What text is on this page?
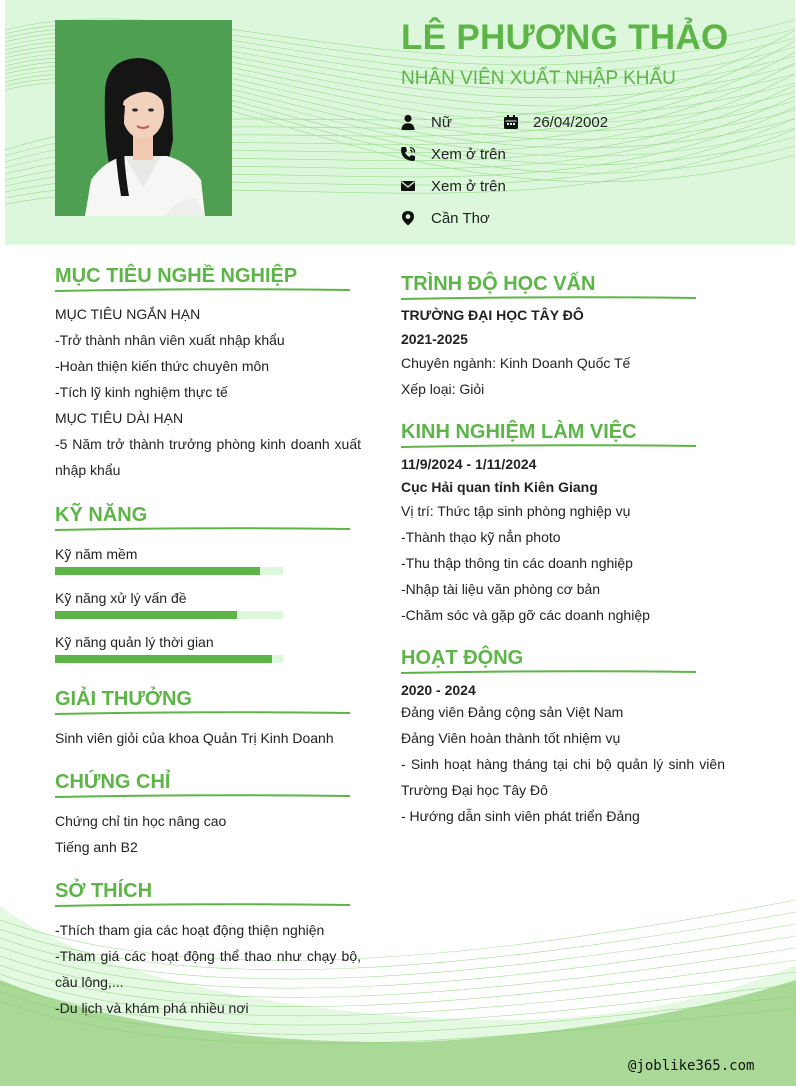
LÊ PHƯƠNG THẢO
NHÂN VIÊN XUẤT NHẬP KHẨU
Nữ	26/04/2002
Xem ở trên
Xem ở trên
Cần Thơ
MỤC TIÊU NGHỀ NGHIỆP
MỤC TIÊU NGẮN HẠN
-Trở thành nhân viên xuất nhập khẩu
-Hoàn thiện kiến thức chuyên môn
-Tích lỹ kinh nghiệm thực tế
MỤC TIÊU DÀI HẠN
-5 Năm trở thành trưởng phòng kinh doanh xuất nhập khẩu
KỸ NĂNG
Kỹ năm mềm
Kỹ năng xử lý vấn đề
Kỹ năng quản lý thời gian
GIẢI THƯỞNG
Sinh viên giỏi của khoa Quản Trị Kinh Doanh
CHỨNG CHỈ
Chứng chỉ tin học nâng cao
Tiếng anh B2
SỞ THÍCH
-Thích tham gia các hoạt động thiện nghiện
-Tham giá các hoạt động thể thao như chạy bộ, cầu lông,...
-Du lịch và khám phá nhiều nơi
TRÌNH ĐỘ HỌC VẤN
TRƯỜNG ĐẠI HỌC TÂY ĐÔ
2021-2025
Chuyên ngành: Kinh Doanh Quốc Tế
Xếp loại: Giỏi
KINH NGHIỆM LÀM VIỆC
11/9/2024 - 1/11/2024
Cục Hải quan tỉnh Kiên Giang
Vị trí: Thức tập sinh phòng nghiệp vụ
-Thành thạo kỹ nẳn photo
-Thu thập thông tin các doanh nghiệp
-Nhập tài liệu văn phòng cơ bản
-Chăm sóc và gặp gỡ các doanh nghiệp
HOẠT ĐỘNG
2020 - 2024
Đảng viên Đảng cộng sản Việt Nam
Đảng Viên hoàn thành tốt nhiệm vụ
- Sinh hoạt hàng tháng tại chi bộ quản lý sinh viên Trường Đại học Tây Đô
- Hướng dẫn sinh viên phát triển Đảng
@joblike365.com
